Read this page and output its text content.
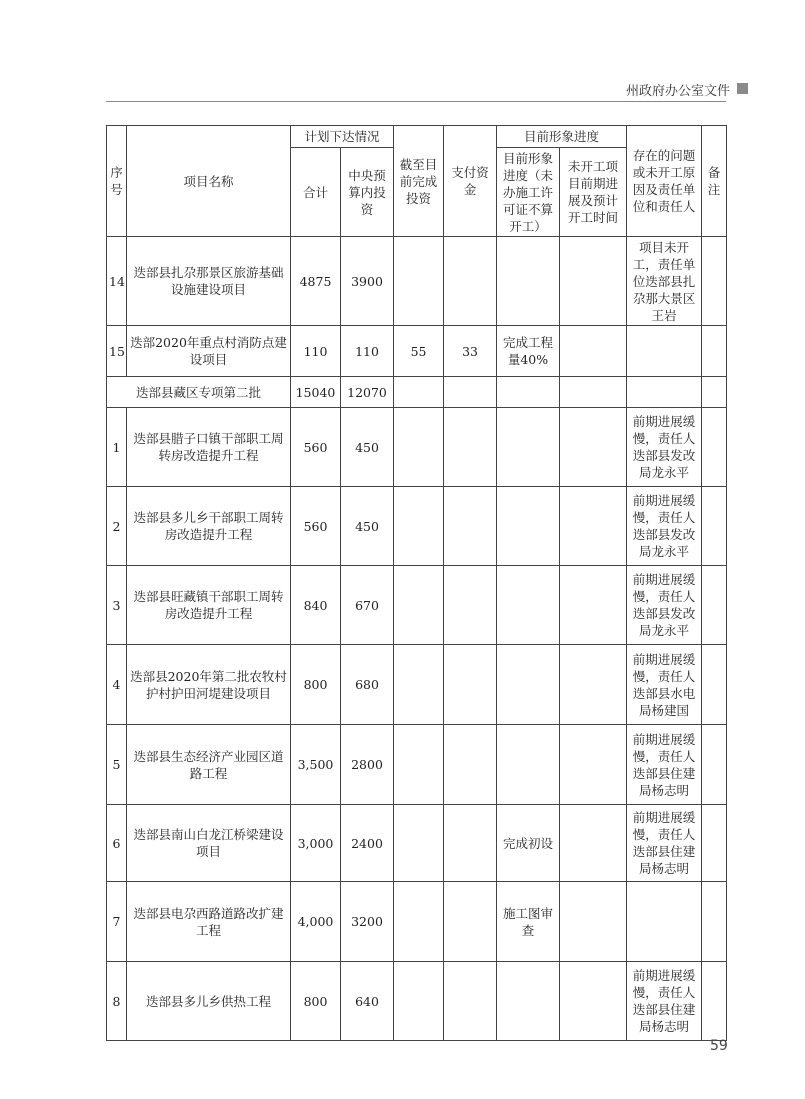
州政府办公室文件
序号	项目名称	计划下达情况		截至目前完成投资	支付资金	目前形象进度		存在的问题或未开工原因及责任单位和责任人	备注
		合计	中央预算内投资			目前形象进度（未办施工许可证不算开工）	未开工项目前期进展及预计开工时间		
14	迭部县扎尕那景区旅游基础设施建设项目	4875	3900					项目未开工，责任单位迭部县扎尕那大景区王岩	
15	迭部2020年重点村消防点建设项目	110	110	55	33	完成工程量40%			
迭部县藏区专项第二批		15040	12070						
1	迭部县腊子口镇干部职工周转房改造提升工程	560	450					前期进展缓慢，责任人迭部县发改局龙永平	
2	迭部县多儿乡干部职工周转房改造提升工程	560	450					前期进展缓慢，责任人迭部县发改局龙永平	
3	迭部县旺藏镇干部职工周转房改造提升工程	840	670					前期进展缓慢，责任人迭部县发改局龙永平	
4	迭部县2020年第二批农牧村护村护田河堤建设项目	800	680					前期进展缓慢，责任人迭部县水电局杨建国	
5	迭部县生态经济产业园区道路工程	3,500	2800					前期进展缓慢，责任人迭部县住建局杨志明	
6	迭部县南山白龙江桥梁建设项目	3,000	2400			完成初设		前期进展缓慢，责任人迭部县住建局杨志明	
7	迭部县电尕西路道路改扩建工程	4,000	3200			施工图审查			
8	迭部县多儿乡供热工程	800	640					前期进展缓慢，责任人迭部县住建局杨志明	
59
